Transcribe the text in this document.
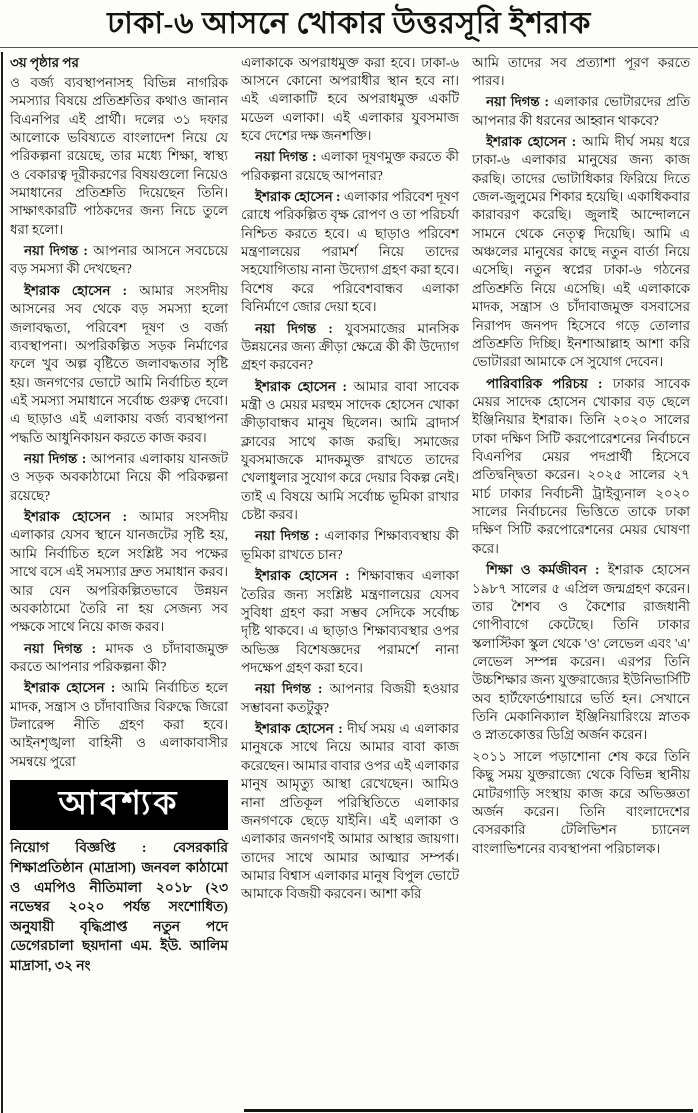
ঢাকা-৬ আসনে খোকার উত্তরসূরি ইশরাক

৩য় পৃষ্ঠার পর

ও বর্জ্য ব্যবস্থাপনাসহ বিভিন্ন নাগরিক সমস্যার বিষয়ে প্রতিশ্রুতির কথাও জানান বিএনপির এই প্রার্থী। দলের ৩১ দফার আলোকে ভবিষ্যতে বাংলাদেশ নিয়ে যে পরিকল্পনা রয়েছে, তার মধ্যে শিক্ষা, স্বাস্থ্য ও বেকারত্ব দূরীকরণের বিষয়গুলো নিয়েও সমাধানের প্রতিশ্রুতি দিয়েছেন তিনি। সাক্ষাৎকারটি পাঠকদের জন্য নিচে তুলে ধরা হলো।

নয়া দিগন্ত : আপনার আসনে সবচেয়ে বড় সমস্যা কী দেখছেন?

ইশরাক হোসেন : আমার সংসদীয় আসনের সব থেকে বড় সমস্যা হলো জলাবদ্ধতা, পরিবেশ দূষণ ও বর্জ্য ব্যবস্থাপনা। অপরিকল্পিত সড়ক নির্মাণের ফলে খুব অল্প বৃষ্টিতে জলাবদ্ধতার সৃষ্টি হয়। জনগণের ভোটে আমি নির্বাচিত হলে এই সমস্যা সমাধানে সর্বোচ্চ গুরুত্ব দেবো। এ ছাড়াও এই এলাকায় বর্জ্য ব্যবস্থাপনা পদ্ধতি আধুনিকায়ন করতে কাজ করব।

নয়া দিগন্ত : আপনার এলাকায় যানজট ও সড়ক অবকাঠামো নিয়ে কী পরিকল্পনা রয়েছে?

ইশরাক হোসেন : আমার সংসদীয় এলাকার যেসব স্থানে যানজটের সৃষ্টি হয়, আমি নির্বাচিত হলে সংশ্লিষ্ট সব পক্ষের সাথে বসে এই সমস্যার দ্রুত সমাধান করব। আর যেন অপরিকল্পিতভাবে উন্নয়ন অবকাঠামো তৈরি না হয় সেজন্য সব পক্ষকে সাথে নিয়ে কাজ করব।

নয়া দিগন্ত : মাদক ও চাঁদাবাজমুক্ত করতে আপনার পরিকল্পনা কী?

ইশরাক হোসেন : আমি নির্বাচিত হলে মাদক, সন্ত্রাস ও চাঁদাবাজির বিরুদ্ধে জিরো টলারেন্স নীতি গ্রহণ করা হবে। আইনশৃঙ্খলা বাহিনী ও এলাকাবাসীর সমন্বয়ে পুরো

আবশ্যক

নিয়োগ বিজ্ঞপ্তি : বেসরকারি শিক্ষাপ্রতিষ্ঠান (মাদ্রাসা) জনবল কাঠামো ও এমপিও নীতিমালা ২০১৮ (২৩ নভেম্বর ২০২০ পর্যন্ত সংশোধিত) অনুযায়ী বৃদ্ধিপ্রাপ্ত নতুন পদে ডেগেরচালা ছয়দানা এম. ইউ. আলিম মাদ্রাসা, ৩২ নং

এলাকাকে অপরাধমুক্ত করা হবে। ঢাকা-৬ আসনে কোনো অপরাধীর স্থান হবে না। এই এলাকাটি হবে অপরাধমুক্ত একটি মডেল এলাকা। এই এলাকার যুবসমাজ হবে দেশের দক্ষ জনশক্তি।

নয়া দিগন্ত : এলাকা দূষণমুক্ত করতে কী পরিকল্পনা রয়েছে আপনার?

ইশরাক হোসেন : এলাকার পরিবেশ দূষণ রোধে পরিকল্পিত বৃক্ষ রোপণ ও তা পরিচর্যা নিশ্চিত করতে হবে। এ ছাড়াও পরিবেশ মন্ত্রণালয়ের পরামর্শ নিয়ে তাদের সহযোগিতায় নানা উদ্যোগ গ্রহণ করা হবে। বিশেষ করে পরিবেশবান্ধব এলাকা বিনির্মাণে জোর দেয়া হবে।

নয়া দিগন্ত : যুবসমাজের মানসিক উন্নয়নের জন্য ক্রীড়া ক্ষেত্রে কী কী উদ্যোগ গ্রহণ করবেন?

ইশরাক হোসেন : আমার বাবা সাবেক মন্ত্রী ও মেয়র মরহুম সাদেক হোসেন খোকা ক্রীড়াবান্ধব মানুষ ছিলেন। আমি ব্রাদার্স ক্লাবের সাথে কাজ করছি। সমাজের যুবসমাজকে মাদকমুক্ত রাখতে তাদের খেলাধুলার সুযোগ করে দেয়ার বিকল্প নেই। তাই এ বিষয়ে আমি সর্বোচ্চ ভূমিকা রাখার চেষ্টা করব।

নয়া দিগন্ত : এলাকার শিক্ষাব্যবস্থায় কী ভূমিকা রাখতে চান?

ইশরাক হোসেন : শিক্ষাবান্ধব এলাকা তৈরির জন্য সংশ্লিষ্ট মন্ত্রণালয়ের যেসব সুবিধা গ্রহণ করা সম্ভব সেদিকে সর্বোচ্চ দৃষ্টি থাকবে। এ ছাড়াও শিক্ষাব্যবস্থার ওপর অভিজ্ঞ বিশেষজ্ঞদের পরামর্শে নানা পদক্ষেপ গ্রহণ করা হবে।

নয়া দিগন্ত : আপনার বিজয়ী হওয়ার সম্ভাবনা কতটুকু?

ইশরাক হোসেন : দীর্ঘ সময় এ এলাকার মানুষকে সাথে নিয়ে আমার বাবা কাজ করেছেন। আমার বাবার ওপর এই এলাকার মানুষ আমৃত্যু আস্থা রেখেছেন। আমিও নানা প্রতিকূল পরিস্থিতিতে এলাকার জনগণকে ছেড়ে যাইনি। এই এলাকা ও এলাকার জনগণই আমার আস্থার জায়গা। তাদের সাথে আমার আত্মার সম্পর্ক। আমার বিশ্বাস এলাকার মানুষ বিপুল ভোটে আমাকে বিজয়ী করবেন। আশা করি

আমি তাদের সব প্রত্যাশা পূরণ করতে পারব।

নয়া দিগন্ত : এলাকার ভোটারদের প্রতি আপনার কী ধরনের আহ্বান থাকবে?

ইশরাক হোসেন : আমি দীর্ঘ সময় ধরে ঢাকা-৬ এলাকার মানুষের জন্য কাজ করছি। তাদের ভোটাধিকার ফিরিয়ে দিতে জেল-জুলুমের শিকার হয়েছি। একাধিকবার কারাবরণ করেছি। জুলাই আন্দোলনে সামনে থেকে নেতৃত্ব দিয়েছি। আমি এ অঞ্চলের মানুষের কাছে নতুন বার্তা নিয়ে এসেছি। নতুন স্বপ্নের ঢাকা-৬ গঠনের প্রতিশ্রুতি নিয়ে এসেছি। এই এলাকাকে মাদক, সন্ত্রাস ও চাঁদাবাজমুক্ত বসবাসের নিরাপদ জনপদ হিসেবে গড়ে তোলার প্রতিশ্রুতি দিচ্ছি। ইনশাআল্লাহ আশা করি ভোটাররা আমাকে সে সুযোগ দেবেন।

পারিবারিক পরিচয় : ঢাকার সাবেক মেয়র সাদেক হোসেন খোকার বড় ছেলে ইঞ্জিনিয়ার ইশরাক। তিনি ২০২০ সালের ঢাকা দক্ষিণ সিটি করপোরেশনের নির্বাচনে বিএনপির মেয়র পদপ্রার্থী হিসেবে প্রতিদ্বন্দ্বিতা করেন। ২০২৫ সালের ২৭ মার্চ ঢাকার নির্বাচনী ট্রাইব্যুনাল ২০২০ সালের নির্বাচনের ভিত্তিতে তাকে ঢাকা দক্ষিণ সিটি করপোরেশনের মেয়র ঘোষণা করে।

শিক্ষা ও কর্মজীবন : ইশরাক হোসেন ১৯৮৭ সালের ৫ এপ্রিল জন্মগ্রহণ করেন। তার শৈশব ও কৈশোর রাজধানী গোপীবাগে কেটেছে। তিনি ঢাকার স্কলাস্টিকা স্কুল থেকে 'ও' লেভেল এবং 'এ' লেভেল সম্পন্ন করেন। এরপর তিনি উচ্চশিক্ষার জন্য যুক্তরাজ্যের ইউনিভার্সিটি অব হার্টফোর্ডশায়ারে ভর্তি হন। সেখানে তিনি মেকানিক্যাল ইঞ্জিনিয়ারিংয়ে স্নাতক ও স্নাতকোত্তর ডিগ্রি অর্জন করেন।

২০১১ সালে পড়াশোনা শেষ করে তিনি কিছু সময় যুক্তরাজ্যে থেকে বিভিন্ন স্থানীয় মোটরগাড়ি সংস্থায় কাজ করে অভিজ্ঞতা অর্জন করেন। তিনি বাংলাদেশের বেসরকারি টেলিভিশন চ্যানেল বাংলাভিশনের ব্যবস্থাপনা পরিচালক।
